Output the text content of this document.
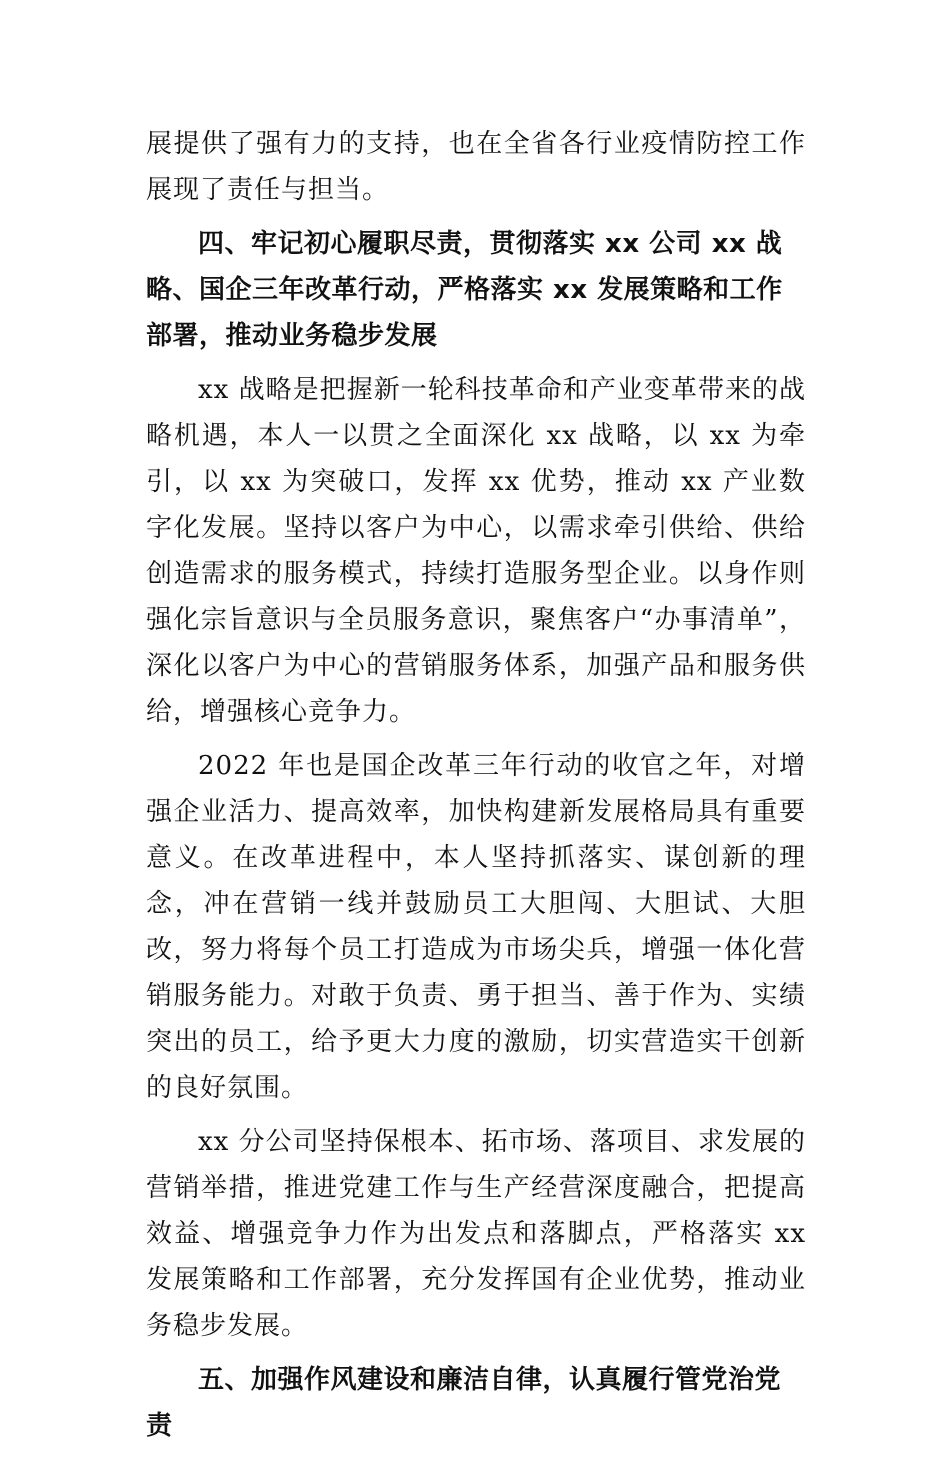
展提供了强有力的支持，也在全省各行业疫情防控工作展现了责任与担当。

四、牢记初心履职尽责，贯彻落实 xx 公司 xx 战略、国企三年改革行动，严格落实 xx 发展策略和工作部署，推动业务稳步发展

xx 战略是把握新一轮科技革命和产业变革带来的战略机遇，本人一以贯之全面深化 xx 战略，以 xx 为牵引，以 xx 为突破口，发挥 xx 优势，推动 xx 产业数字化发展。坚持以客户为中心，以需求牵引供给、供给创造需求的服务模式，持续打造服务型企业。以身作则强化宗旨意识与全员服务意识，聚焦客户“办事清单”，深化以客户为中心的营销服务体系，加强产品和服务供给，增强核心竞争力。

2022 年也是国企改革三年行动的收官之年，对增强企业活力、提高效率，加快构建新发展格局具有重要意义。在改革进程中，本人坚持抓落实、谋创新的理念，冲在营销一线并鼓励员工大胆闯、大胆试、大胆改，努力将每个员工打造成为市场尖兵，增强一体化营销服务能力。对敢于负责、勇于担当、善于作为、实绩突出的员工，给予更大力度的激励，切实营造实干创新的良好氛围。

xx 分公司坚持保根本、拓市场、落项目、求发展的营销举措，推进党建工作与生产经营深度融合，把提高效益、增强竞争力作为出发点和落脚点，严格落实 xx 发展策略和工作部署，充分发挥国有企业优势，推动业务稳步发展。

五、加强作风建设和廉洁自律，认真履行管党治党责
